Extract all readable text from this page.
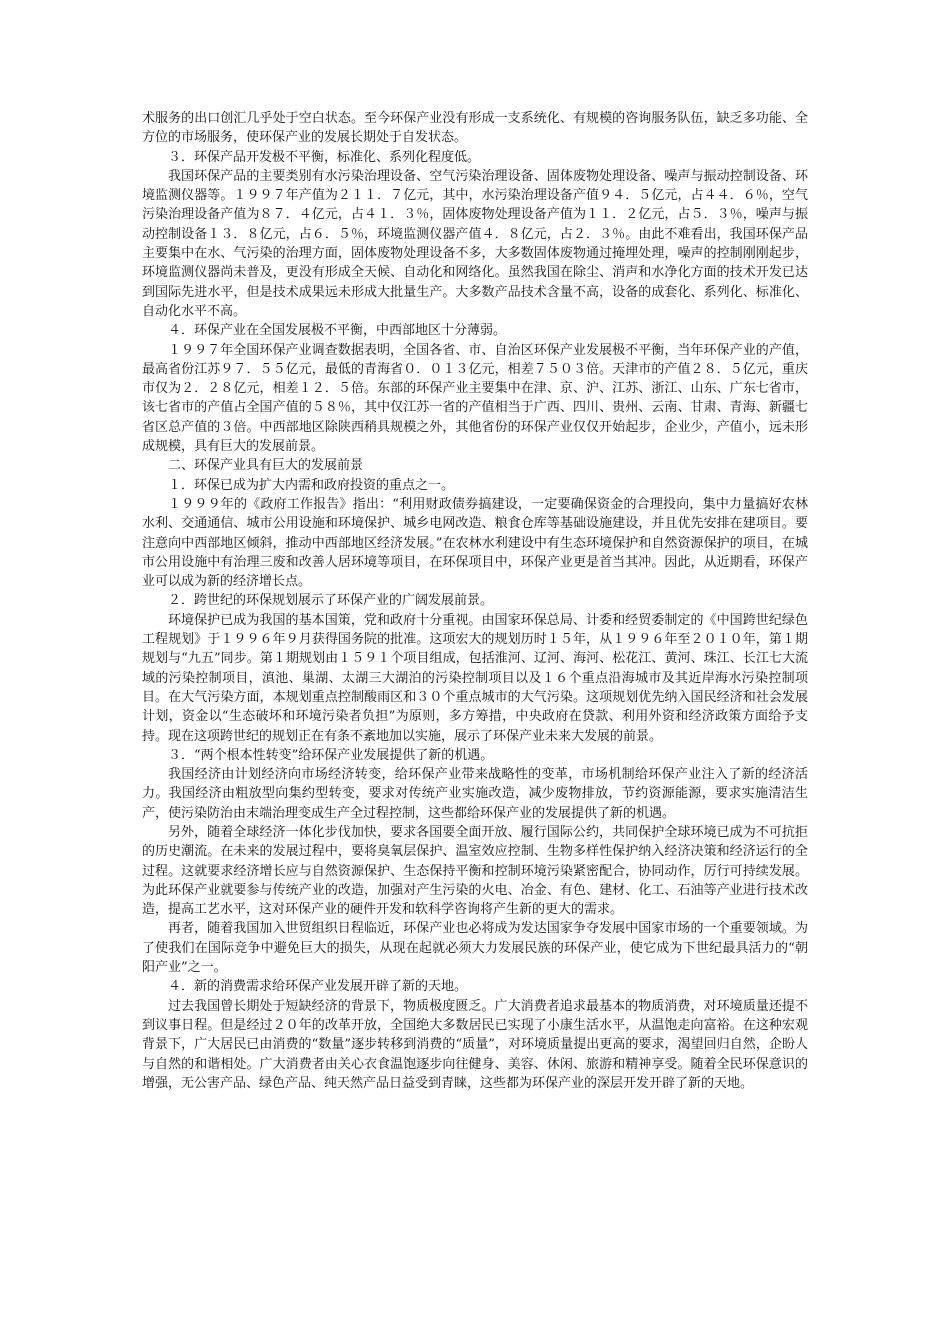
术服务的出口创汇几乎处于空白状态。至今环保产业没有形成一支系统化、有规模的咨询服务队伍，缺乏多功能、全方位的市场服务，使环保产业的发展长期处于自发状态。

３．环保产品开发极不平衡，标准化、系列化程度低。

我国环保产品的主要类别有水污染治理设备、空气污染治理设备、固体废物处理设备、噪声与振动控制设备、环境监测仪器等。１９９７年产值为２１１．７亿元，其中，水污染治理设备产值９４．５亿元，占４４．６％，空气污染治理设备产值为８７．４亿元，占４１．３％，固体废物处理设备产值为１１．２亿元，占５．３％，噪声与振动控制设备１３．８亿元，占６．５％，环境监测仪器产值４．８亿元，占２．３％。由此不难看出，我国环保产品主要集中在水、气污染的治理方面，固体废物处理设备不多，大多数固体废物通过掩埋处理，噪声的控制刚刚起步，环境监测仪器尚未普及，更没有形成全天候、自动化和网络化。虽然我国在除尘、消声和水净化方面的技术开发已达到国际先进水平，但是技术成果远未形成大批量生产。大多数产品技术含量不高，设备的成套化、系列化、标准化、自动化水平不高。

４．环保产业在全国发展极不平衡，中西部地区十分薄弱。

１９９７年全国环保产业调查数据表明，全国各省、市、自治区环保产业发展极不平衡，当年环保产业的产值，最高省份江苏９７．５５亿元，最低的青海省０．０１３亿元，相差７５０３倍。天津市的产值２８．５亿元，重庆市仅为２．２８亿元，相差１２．５倍。东部的环保产业主要集中在津、京、沪、江苏、浙江、山东、广东七省市，该七省市的产值占全国产值的５８％，其中仅江苏一省的产值相当于广西、四川、贵州、云南、甘肃、青海、新疆七省区总产值的３倍。中西部地区除陕西稍具规模之外，其他省份的环保产业仅仅开始起步，企业少，产值小，远未形成规模，具有巨大的发展前景。

二、环保产业具有巨大的发展前景

１．环保已成为扩大内需和政府投资的重点之一。

１９９９年的《政府工作报告》指出：“利用财政债券搞建设，一定要确保资金的合理投向，集中力量搞好农林水利、交通通信、城市公用设施和环境保护、城乡电网改造、粮食仓库等基础设施建设，并且优先安排在建项目。要注意向中西部地区倾斜，推动中西部地区经济发展。”在农林水利建设中有生态环境保护和自然资源保护的项目，在城市公用设施中有治理三废和改善人居环境等项目，在环保项目中，环保产业更是首当其冲。因此，从近期看，环保产业可以成为新的经济增长点。

２．跨世纪的环保规划展示了环保产业的广阔发展前景。

环境保护已成为我国的基本国策，党和政府十分重视。由国家环保总局、计委和经贸委制定的《中国跨世纪绿色工程规划》于１９９６年９月获得国务院的批准。这项宏大的规划历时１５年，从１９９６年至２０１０年，第１期规划与“九五”同步。第１期规划由１５９１个项目组成，包括淮河、辽河、海河、松花江、黄河、珠江、长江七大流域的污染控制项目，滇池、巢湖、太湖三大湖泊的污染控制项目以及１６个重点沿海城市及其近岸海水污染控制项目。在大气污染方面，本规划重点控制酸雨区和３０个重点城市的大气污染。这项规划优先纳入国民经济和社会发展计划，资金以“生态破坏和环境污染者负担”为原则，多方筹措，中央政府在贷款、利用外资和经济政策方面给予支持。现在这项跨世纪的规划正在有条不紊地加以实施，展示了环保产业未来大发展的前景。

３．“两个根本性转变”给环保产业发展提供了新的机遇。

我国经济由计划经济向市场经济转变，给环保产业带来战略性的变革，市场机制给环保产业注入了新的经济活力。我国经济由粗放型向集约型转变，要求对传统产业实施改造，减少废物排放，节约资源能源，要求实施清洁生产，使污染防治由末端治理变成生产全过程控制，这些都给环保产业的发展提供了新的机遇。

另外，随着全球经济一体化步伐加快，要求各国要全面开放、履行国际公约，共同保护全球环境已成为不可抗拒的历史潮流。在未来的发展过程中，要将臭氧层保护、温室效应控制、生物多样性保护纳入经济决策和经济运行的全过程。这就要求经济增长应与自然资源保护、生态保持平衡和控制环境污染紧密配合，协同动作，厉行可持续发展。为此环保产业就要参与传统产业的改造，加强对产生污染的火电、冶金、有色、建材、化工、石油等产业进行技术改造，提高工艺水平，这对环保产业的硬件开发和软科学咨询将产生新的更大的需求。

再者，随着我国加入世贸组织日程临近，环保产业也必将成为发达国家争夺发展中国家市场的一个重要领域。为了使我们在国际竞争中避免巨大的损失，从现在起就必须大力发展民族的环保产业，使它成为下世纪最具活力的“朝阳产业”之一。

４．新的消费需求给环保产业发展开辟了新的天地。

过去我国曾长期处于短缺经济的背景下，物质极度匮乏。广大消费者追求最基本的物质消费，对环境质量还提不到议事日程。但是经过２０年的改革开放，全国绝大多数居民已实现了小康生活水平，从温饱走向富裕。在这种宏观背景下，广大居民已由消费的“数量”逐步转移到消费的“质量”，对环境质量提出更高的要求，渴望回归自然，企盼人与自然的和谐相处。广大消费者由关心衣食温饱逐步向往健身、美容、休闲、旅游和精神享受。随着全民环保意识的增强，无公害产品、绿色产品、纯天然产品日益受到青睐，这些都为环保产业的深层开发开辟了新的天地。
